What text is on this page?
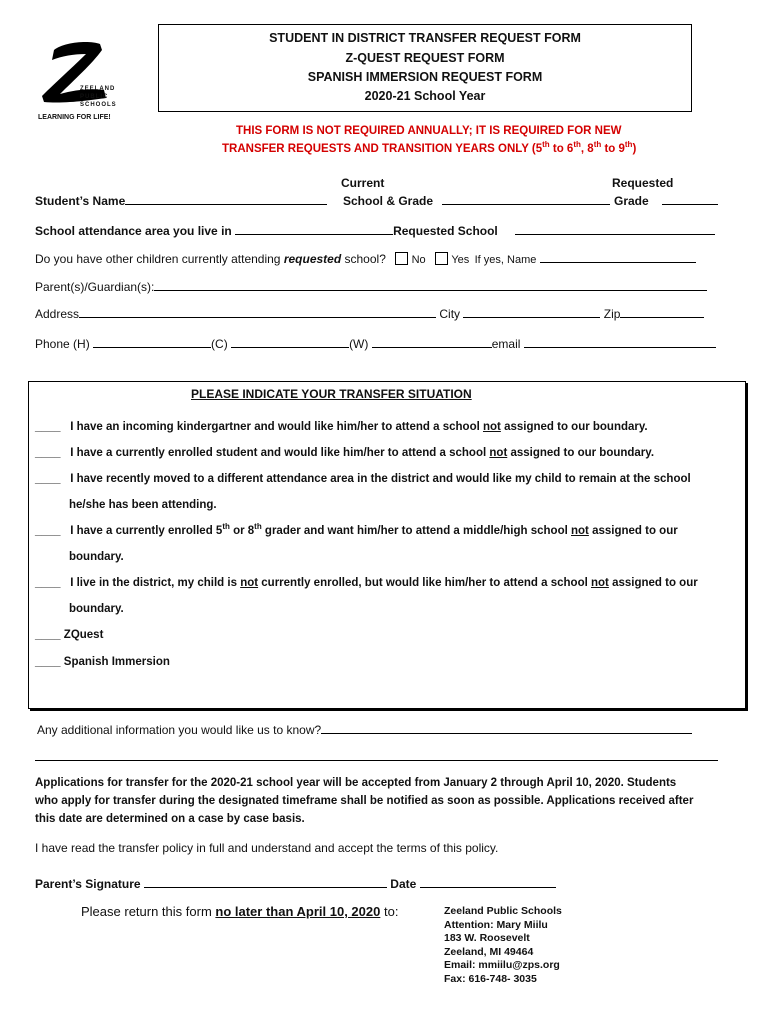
ZEELAND
PUBLIC
SCHOOLS
LEARNING FOR LIFE!
STUDENT IN DISTRICT TRANSFER REQUEST FORM
Z-QUEST REQUEST FORM
SPANISH IMMERSION REQUEST FORM
2020-21 School Year
THIS FORM IS NOT REQUIRED ANNUALLY; IT IS REQUIRED FOR NEW
TRANSFER REQUESTS AND TRANSITION YEARS ONLY (5th to 6th, 8th to 9th)
Current	Requested
Student’s Name	School & Grade	Grade
School attendance area you live in	Requested School
Do you have other children currently attending requested school? No Yes If yes, Name
Parent(s)/Guardian(s):
Address	City	Zip
Phone (H)	(C)	(W)	email
PLEASE INDICATE YOUR TRANSFER SITUATION
____ I have an incoming kindergartner and would like him/her to attend a school not assigned to our boundary.
____ I have a currently enrolled student and would like him/her to attend a school not assigned to our boundary.
____ I have recently moved to a different attendance area in the district and would like my child to remain at the school
he/she has been attending.
____ I have a currently enrolled 5th or 8th grader and want him/her to attend a middle/high school not assigned to our
boundary.
____ I live in the district, my child is not currently enrolled, but would like him/her to attend a school not assigned to our
boundary.
____ ZQuest
____ Spanish Immersion
Any additional information you would like us to know?
Applications for transfer for the 2020-21 school year will be accepted from January 2 through April 10, 2020. Students
who apply for transfer during the designated timeframe shall be notified as soon as possible. Applications received after
this date are determined on a case by case basis.
I have read the transfer policy in full and understand and accept the terms of this policy.
Parent’s Signature	Date
Please return this form no later than April 10, 2020 to:	Zeeland Public Schools
Attention: Mary Miilu
183 W. Roosevelt
Zeeland, MI 49464
Email: mmiilu@zps.org
Fax: 616-748- 3035
